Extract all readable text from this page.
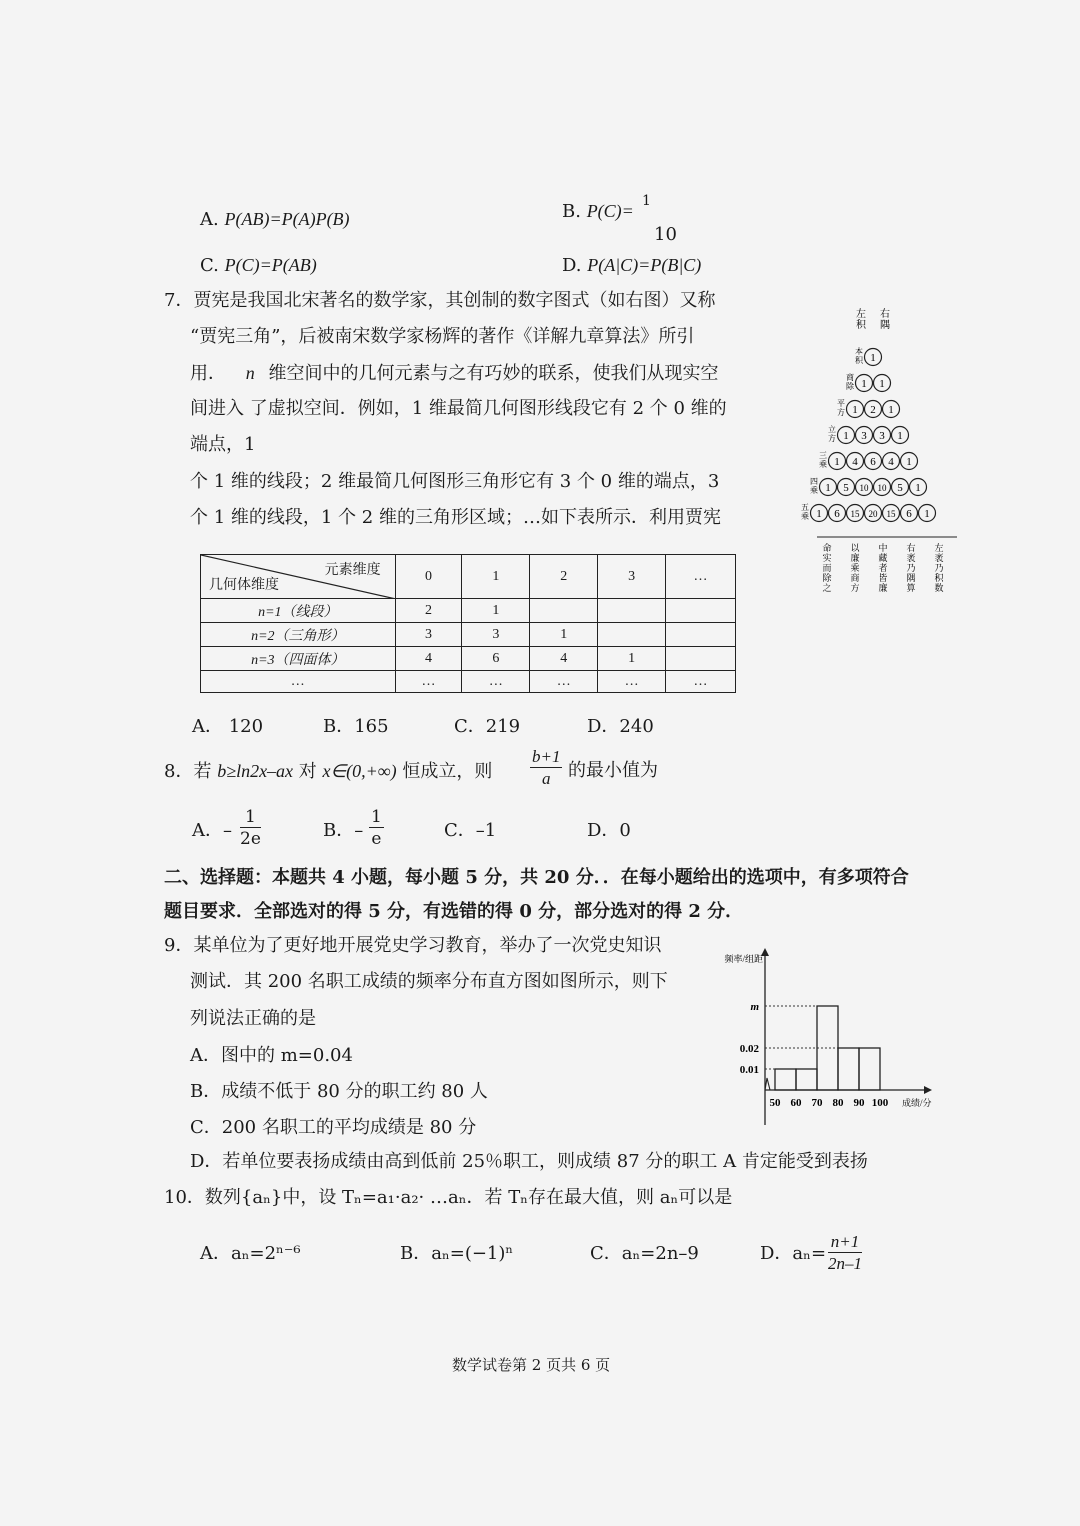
A. P(AB)=P(A)P(B)	B. P(C)= 1
10
C. P(C)=P(AB)	D. P(A|C)=P(B|C)
7．贾宪是我国北宋著名的数学家，其创制的数字图式（如右图）又称
“贾宪三角”，后被南宋数学家杨辉的著作《详解九章算法》所引
用． n 维空间中的几何元素与之有巧妙的联系，使我们从现实空
间进入 了虚拟空间．例如，1 维最简几何图形线段它有 2 个 0 维的
端点，1
个 1 维的线段；2 维最简几何图形三角形它有 3 个 0 维的端点，3
个 1 维的线段，1 个 2 维的三角形区域；…如下表所示．利用贾宪
元素维度
几何体维度	0	1	2	3	…
n=1（线段）	2	1			
n=2（三角形）	3	3	1		
n=3（四面体）	4	6	4	1	
…	…	…	…	…	…
左
积
右
隅
本
积 1
商
除 1 1
平
方 1 2 1
立
方 1 3 3 1
三
乘 1 4 6 4 1
四
乘 1 5 10 10 5 1
五
乘 1 6 15 20 15 6 1
命
实
而
除
之
以
廉
乘
商
方
中
藏
者
皆
廉
右
袤
乃
隅
算
左
袤
乃
积
数
A． 120	B．165	C．219	D．240
8．若 b≥ln2x–ax 对 x∈(0,+∞) 恒成立，则 $\frac{b+1}{a}$ 的最小值为
A．– $\frac{1}{2e}$	B．– $\frac{1}{e}$	C．–1	D．0
二、选择题：本题共 4 小题，每小题 5 分，共 20 分．．在每小题给出的选项中，有多项符合
题目要求．全部选对的得 5 分，有选错的得 0 分，部分选对的得 2 分．
9．某单位为了更好地开展党史学习教育，举办了一次党史知识
测试．其 200 名职工成绩的频率分布直方图如图所示，则下
列说法正确的是
A．图中的 m=0.04
B．成绩不低于 80 分的职工约 80 人
C．200 名职工的平均成绩是 80 分
D．若单位要表扬成绩由高到低前 25％职工，则成绩 87 分的职工 A 肯定能受到表扬
0.01
0.02
m
50 60 70 80 90 100 成绩/分
频率/组距
10．数列{aₙ}中，设 Tₙ=a₁·a₂· …aₙ．若 Tₙ存在最大值，则 aₙ可以是
A．aₙ=2ⁿ⁻⁶	B．aₙ=(−1)ⁿ	C．aₙ=2n–9	D．$a_n= \frac{n+1}{2n-1}$
数学试卷第 2 页共 6 页
